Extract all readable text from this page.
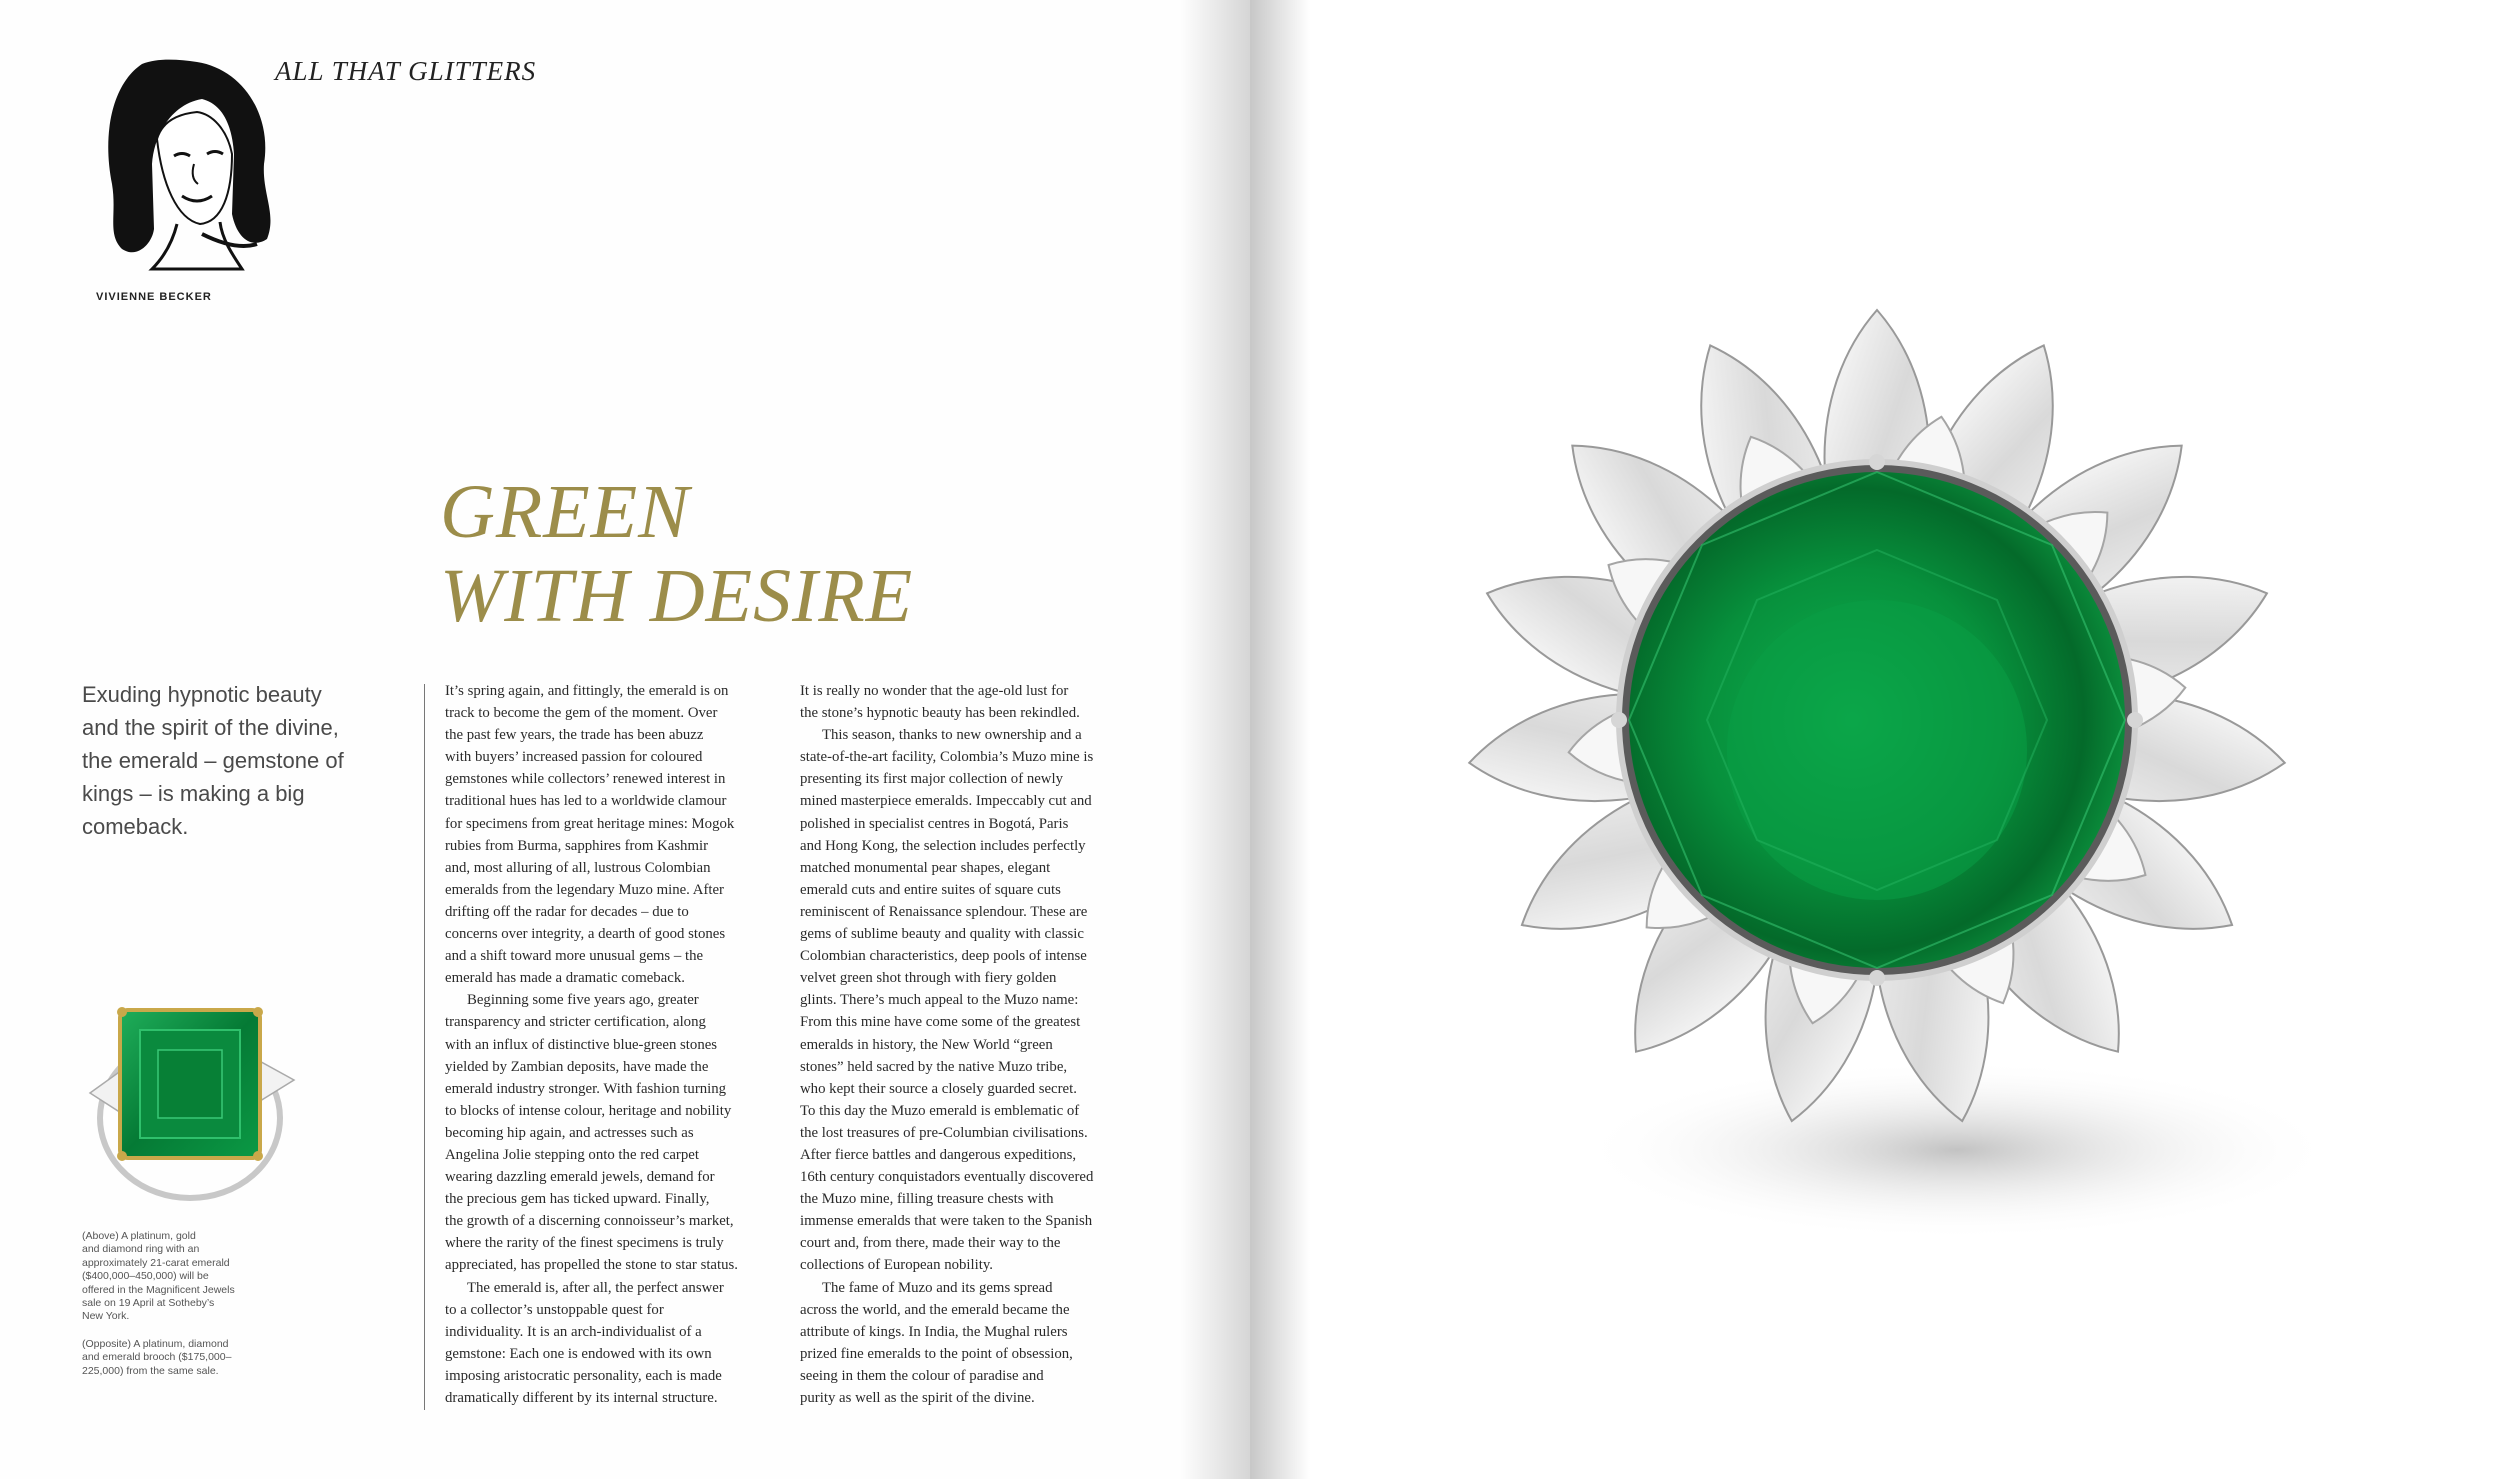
VIVIENNE BECKER
ALL THAT GLITTERS
GREEN
WITH DESIRE

Exuding hypnotic beauty and the spirit of the divine, the emerald – gemstone of kings – is making a big comeback.

It’s spring again, and fittingly, the emerald is on

track to become the gem of the moment. Over

the past few years, the trade has been abuzz

with buyers’ increased passion for coloured

gemstones while collectors’ renewed interest in

traditional hues has led to a worldwide clamour

for specimens from great heritage mines: Mogok

rubies from Burma, sapphires from Kashmir

and, most alluring of all, lustrous Colombian

emeralds from the legendary Muzo mine. After

drifting off the radar for decades – due to

concerns over integrity, a dearth of good stones

and a shift toward more unusual gems – the

emerald has made a dramatic comeback.

Beginning some five years ago, greater

transparency and stricter certification, along

with an influx of distinctive blue-green stones

yielded by Zambian deposits, have made the

emerald industry stronger. With fashion turning

to blocks of intense colour, heritage and nobility

becoming hip again, and actresses such as

Angelina Jolie stepping onto the red carpet

wearing dazzling emerald jewels, demand for

the precious gem has ticked upward. Finally,

the growth of a discerning connoisseur’s market,

where the rarity of the finest specimens is truly

appreciated, has propelled the stone to star status.

The emerald is, after all, the perfect answer

to a collector’s unstoppable quest for

individuality. It is an arch-individualist of a

gemstone: Each one is endowed with its own

imposing aristocratic personality, each is made

dramatically different by its internal structure.

It is really no wonder that the age-old lust for

the stone’s hypnotic beauty has been rekindled.

This season, thanks to new ownership and a

state-of-the-art facility, Colombia’s Muzo mine is

presenting its first major collection of newly

mined masterpiece emeralds. Impeccably cut and

polished in specialist centres in Bogotá, Paris

and Hong Kong, the selection includes perfectly

matched monumental pear shapes, elegant

emerald cuts and entire suites of square cuts

reminiscent of Renaissance splendour. These are

gems of sublime beauty and quality with classic

Colombian characteristics, deep pools of intense

velvet green shot through with fiery golden

glints. There’s much appeal to the Muzo name:

From this mine have come some of the greatest

emeralds in history, the New World “green

stones” held sacred by the native Muzo tribe,

who kept their source a closely guarded secret.

To this day the Muzo emerald is emblematic of

the lost treasures of pre-Columbian civilisations.

After fierce battles and dangerous expeditions,

16th century conquistadors eventually discovered

the Muzo mine, filling treasure chests with

immense emeralds that were taken to the Spanish

court and, from there, made their way to the

collections of European nobility.

The fame of Muzo and its gems spread

across the world, and the emerald became the

attribute of kings. In India, the Mughal rulers

prized fine emeralds to the point of obsession,

seeing in them the colour of paradise and

purity as well as the spirit of the divine.

(Above) A platinum, gold
and diamond ring with an
approximately 21-carat emerald
($400,000–450,000) will be
offered in the Magnificent Jewels
sale on 19 April at Sotheby’s
New York.

(Opposite) A platinum, diamond
and emerald brooch ($175,000–
225,000) from the same sale.
